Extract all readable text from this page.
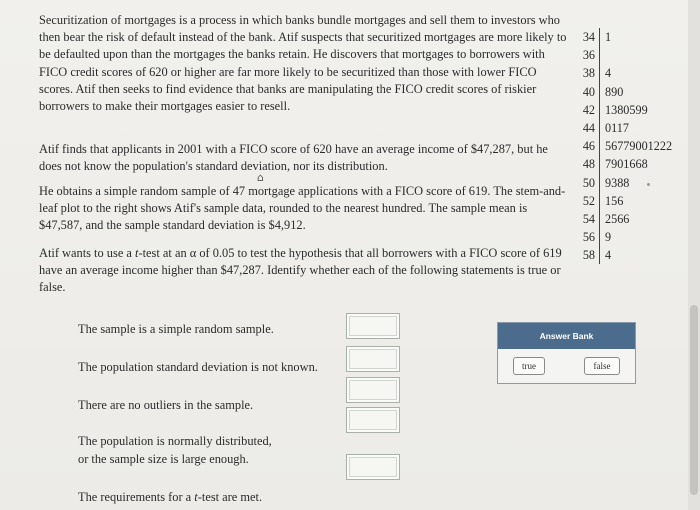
Securitization of mortgages is a process in which banks bundle mortgages and sell them to investors who then bear the risk of default instead of the bank. Atif suspects that securitized mortgages are more likely to be defaulted upon than the mortgages the banks retain. He discovers that mortgages to borrowers with FICO credit scores of 620 or higher are far more likely to be securitized than those with lower FICO scores. Atif then seeks to find evidence that banks are manipulating the FICO credit scores of riskier borrowers to make their mortgages easier to resell.

Atif finds that applicants in 2001 with a FICO score of 620 have an average income of $47,287, but he does not know the population's standard deviation, nor its distribution.

He obtains a simple random sample of 47 mortgage applications with a FICO score of 619. The stem-and-leaf plot to the right shows Atif's sample data, rounded to the nearest hundred. The sample mean is $47,587, and the sample standard deviation is $4,912.

Atif wants to use a t-test at an α of 0.05 to test the hypothesis that all borrowers with a FICO score of 619 have an average income higher than $47,287. Identify whether each of the following statements is true or false.

34 1
36
38 4
40 890
42 1380599
44 0117
46 56779001222
48 7901668
50 9388
52 156
54 2566
56 9
58 4
⌂

The sample is a simple random sample.

The population standard deviation is not known.

There are no outliers in the sample.

The population is normally distributed,
or the sample size is large enough.

The requirements for a t-test are met.

Answer Bank
true	false
